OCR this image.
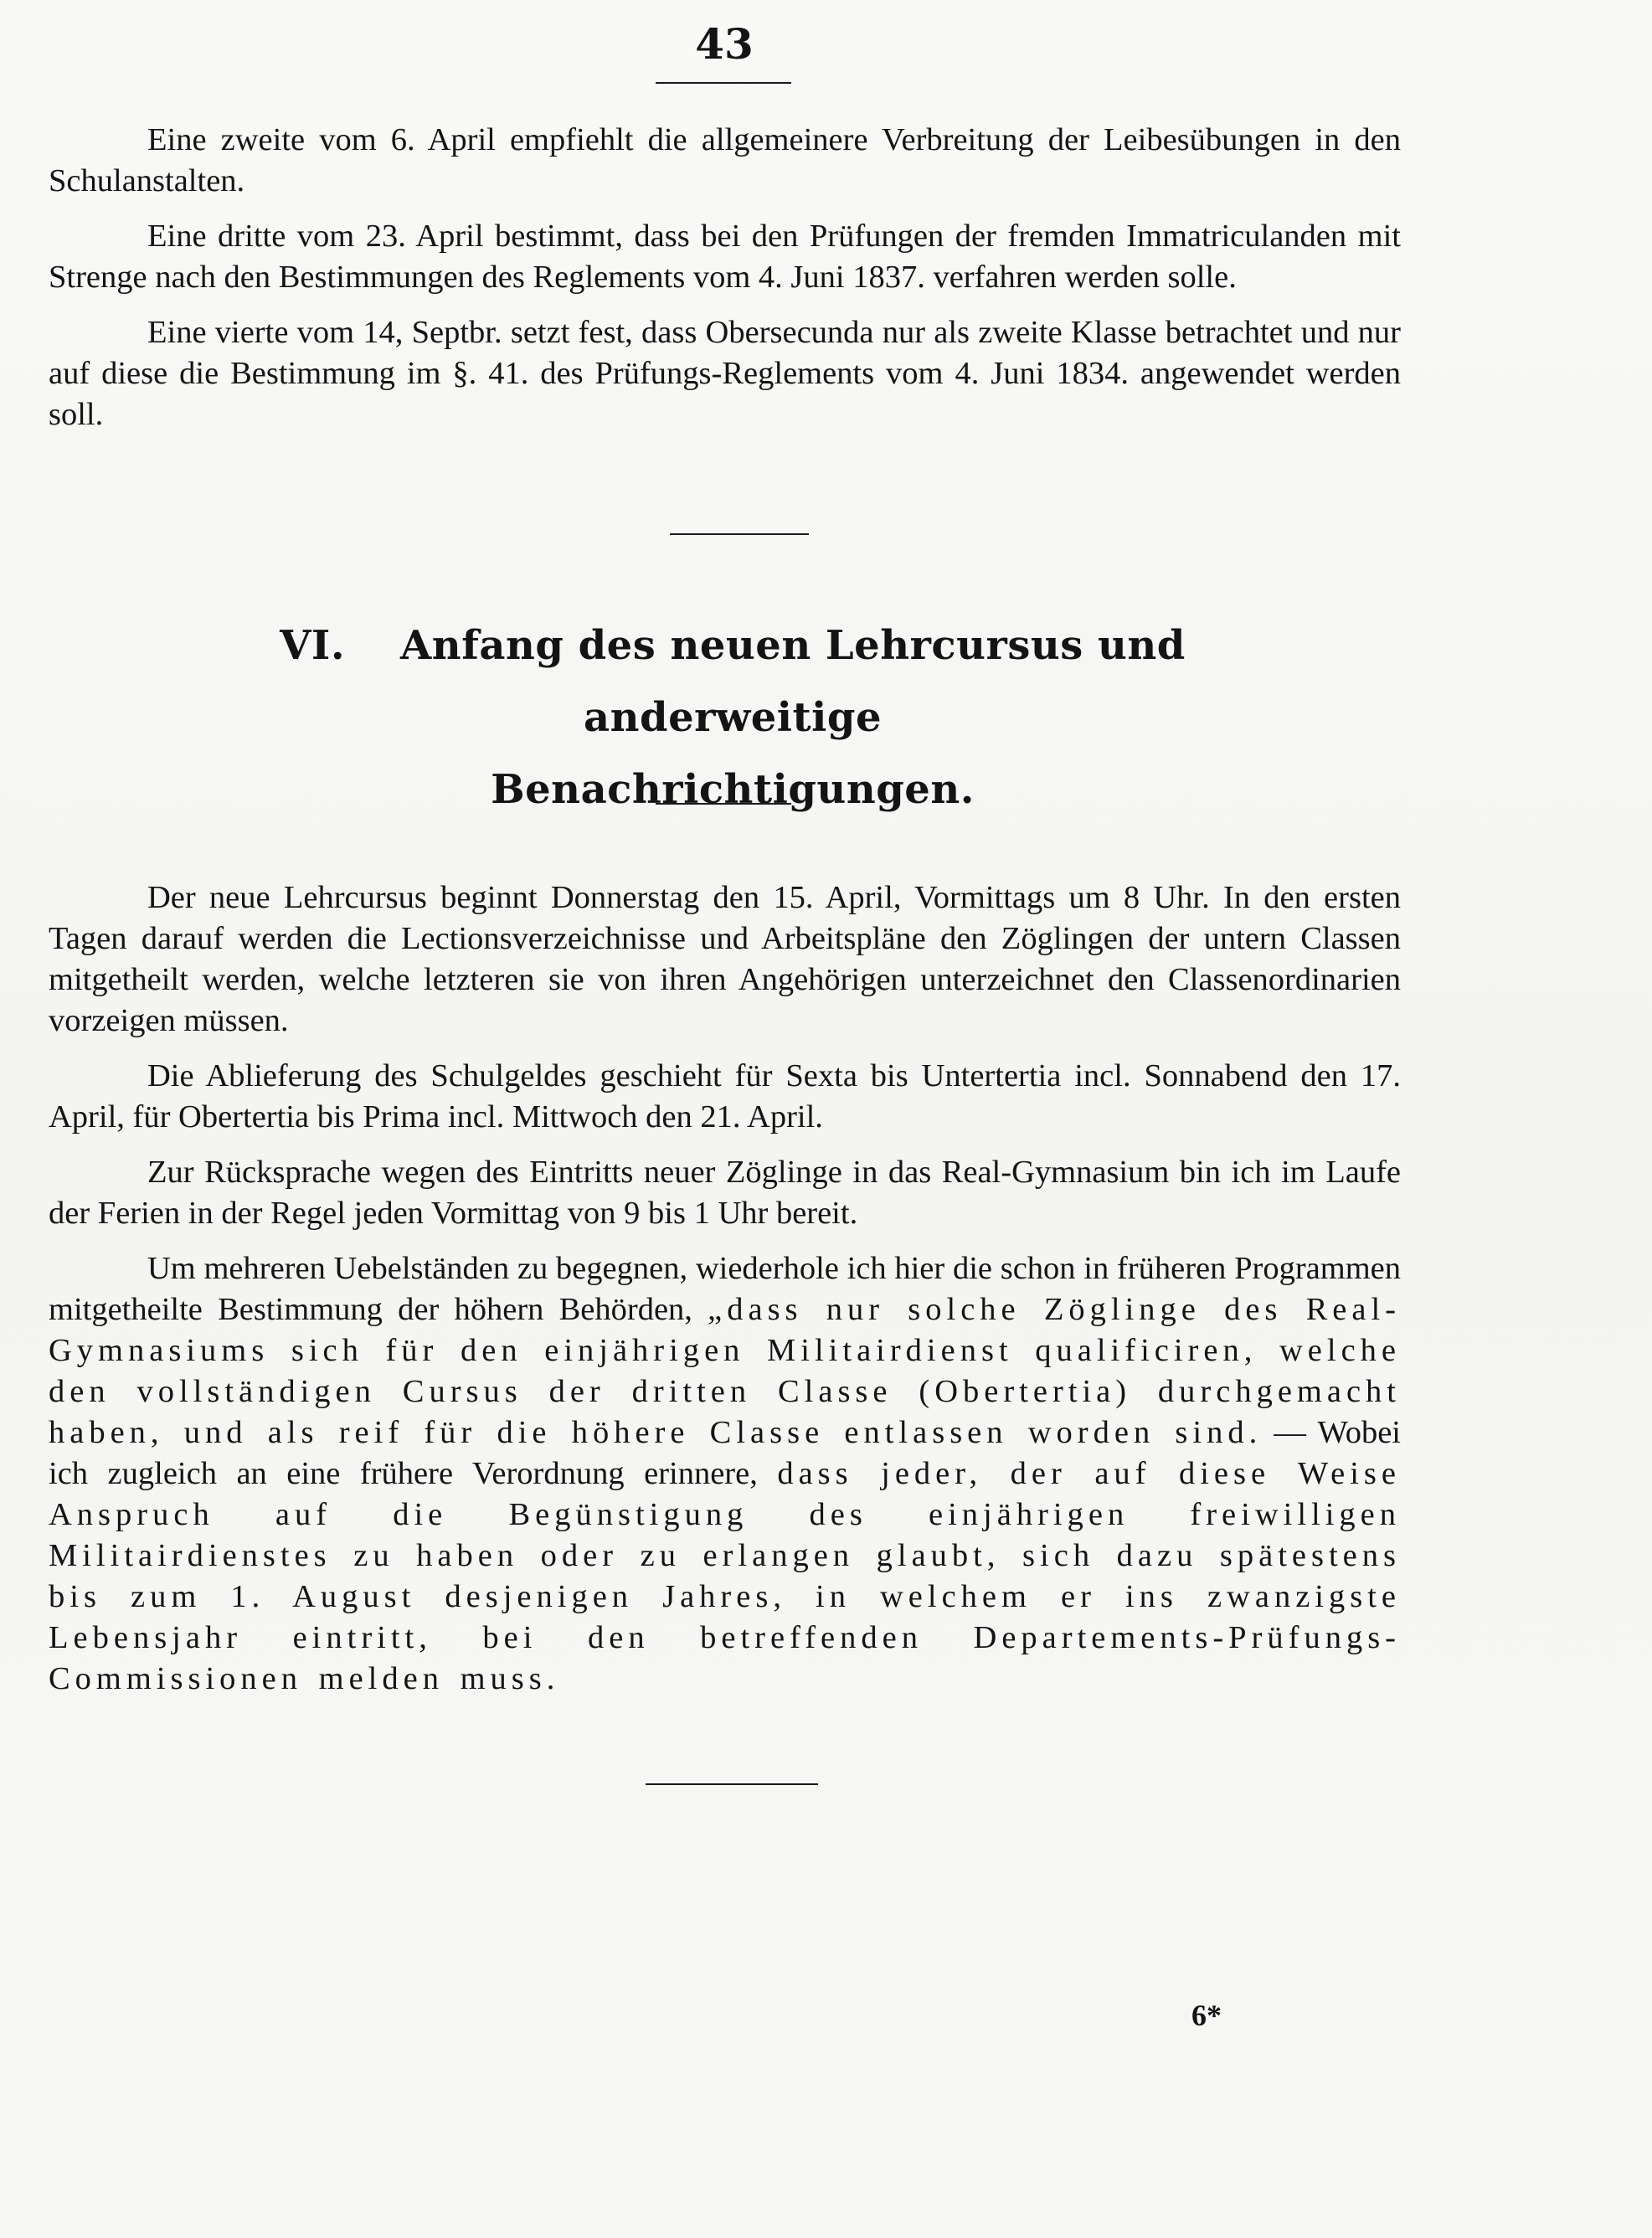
43

Eine zweite vom 6. April empfiehlt die allgemeinere Verbreitung der Leibesübungen in den Schulanstalten.

Eine dritte vom 23. April bestimmt, dass bei den Prüfungen der fremden Immatriculanden mit Strenge nach den Bestimmungen des Reglements vom 4. Juni 1837. verfahren werden solle.

Eine vierte vom 14, Septbr. setzt fest, dass Obersecunda nur als zweite Klasse betrachtet und nur auf diese die Bestimmung im §. 41. des Prüfungs-Reglements vom 4. Juni 1834. angewendet werden soll.

VI. Anfang des neuen Lehrcursus und anderweitige
Benachrichtigungen.

Der neue Lehrcursus beginnt Donnerstag den 15. April, Vormittags um 8 Uhr. In den ersten Tagen darauf werden die Lectionsverzeichnisse und Arbeitspläne den Zöglingen der untern Classen mitgetheilt werden, welche letzteren sie von ihren Angehörigen unterzeichnet den Classenordinarien vorzeigen müssen.

Die Ablieferung des Schulgeldes geschieht für Sexta bis Untertertia incl. Sonnabend den 17. April, für Obertertia bis Prima incl. Mittwoch den 21. April.

Zur Rücksprache wegen des Eintritts neuer Zöglinge in das Real-Gymnasium bin ich im Laufe der Ferien in der Regel jeden Vormittag von 9 bis 1 Uhr bereit.

Um mehreren Uebelständen zu begegnen, wiederhole ich hier die schon in früheren Programmen mitgetheilte Bestimmung der höhern Behörden, „dass nur solche Zöglinge des Real-Gymnasiums sich für den einjährigen Militairdienst qualificiren, welche den vollständigen Cursus der dritten Classe (Obertertia) durchgemacht haben, und als reif für die höhere Classe entlassen worden sind. — Wobei ich zugleich an eine frühere Verordnung erinnere, dass jeder, der auf diese Weise Anspruch auf die Begünstigung des einjährigen freiwilligen Militairdienstes zu haben oder zu erlangen glaubt, sich dazu spätestens bis zum 1. August desjenigen Jahres, in welchem er ins zwanzigste Lebensjahr eintritt, bei den betreffenden Departements-Prüfungs-Commissionen melden muss.

6*
